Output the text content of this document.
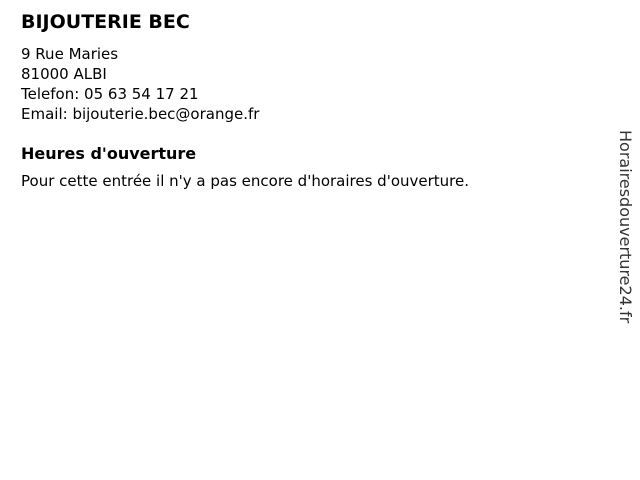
BIJOUTERIE BEC

9 Rue Maries

81000 ALBI

Telefon: 05 63 54 17 21

Email: bijouterie.bec@orange.fr

Heures d'ouverture

Pour cette entrée il n'y a pas encore d'horaires d'ouverture.	Horairesdouverture24.fr
